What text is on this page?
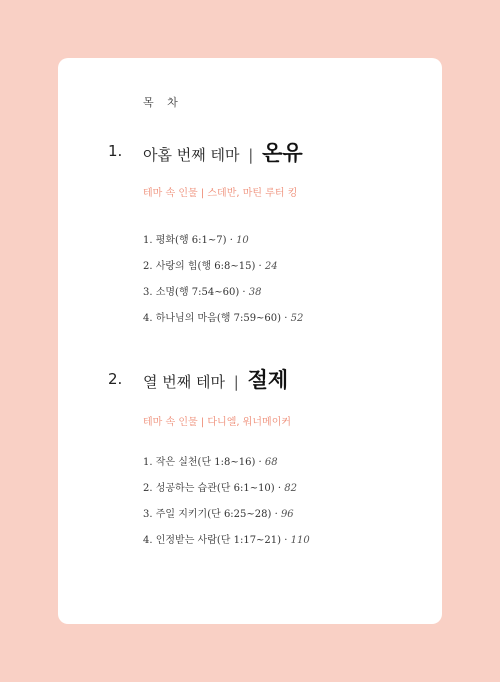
목 차
1. 아홉 번째 테마 | 온유
테마 속 인물 | 스데반, 마틴 루터 킹
1. 평화(행 6:1~7) · 10
2. 사랑의 힘(행 6:8~15) · 24
3. 소명(행 7:54~60) · 38
4. 하나님의 마음(행 7:59~60) · 52
2. 열 번째 테마 | 절제
테마 속 인물 | 다니엘, 워너메이커
1. 작은 실천(단 1:8~16) · 68
2. 성공하는 습관(단 6:1~10) · 82
3. 주일 지키기(단 6:25~28) · 96
4. 인정받는 사람(단 1:17~21) · 110
